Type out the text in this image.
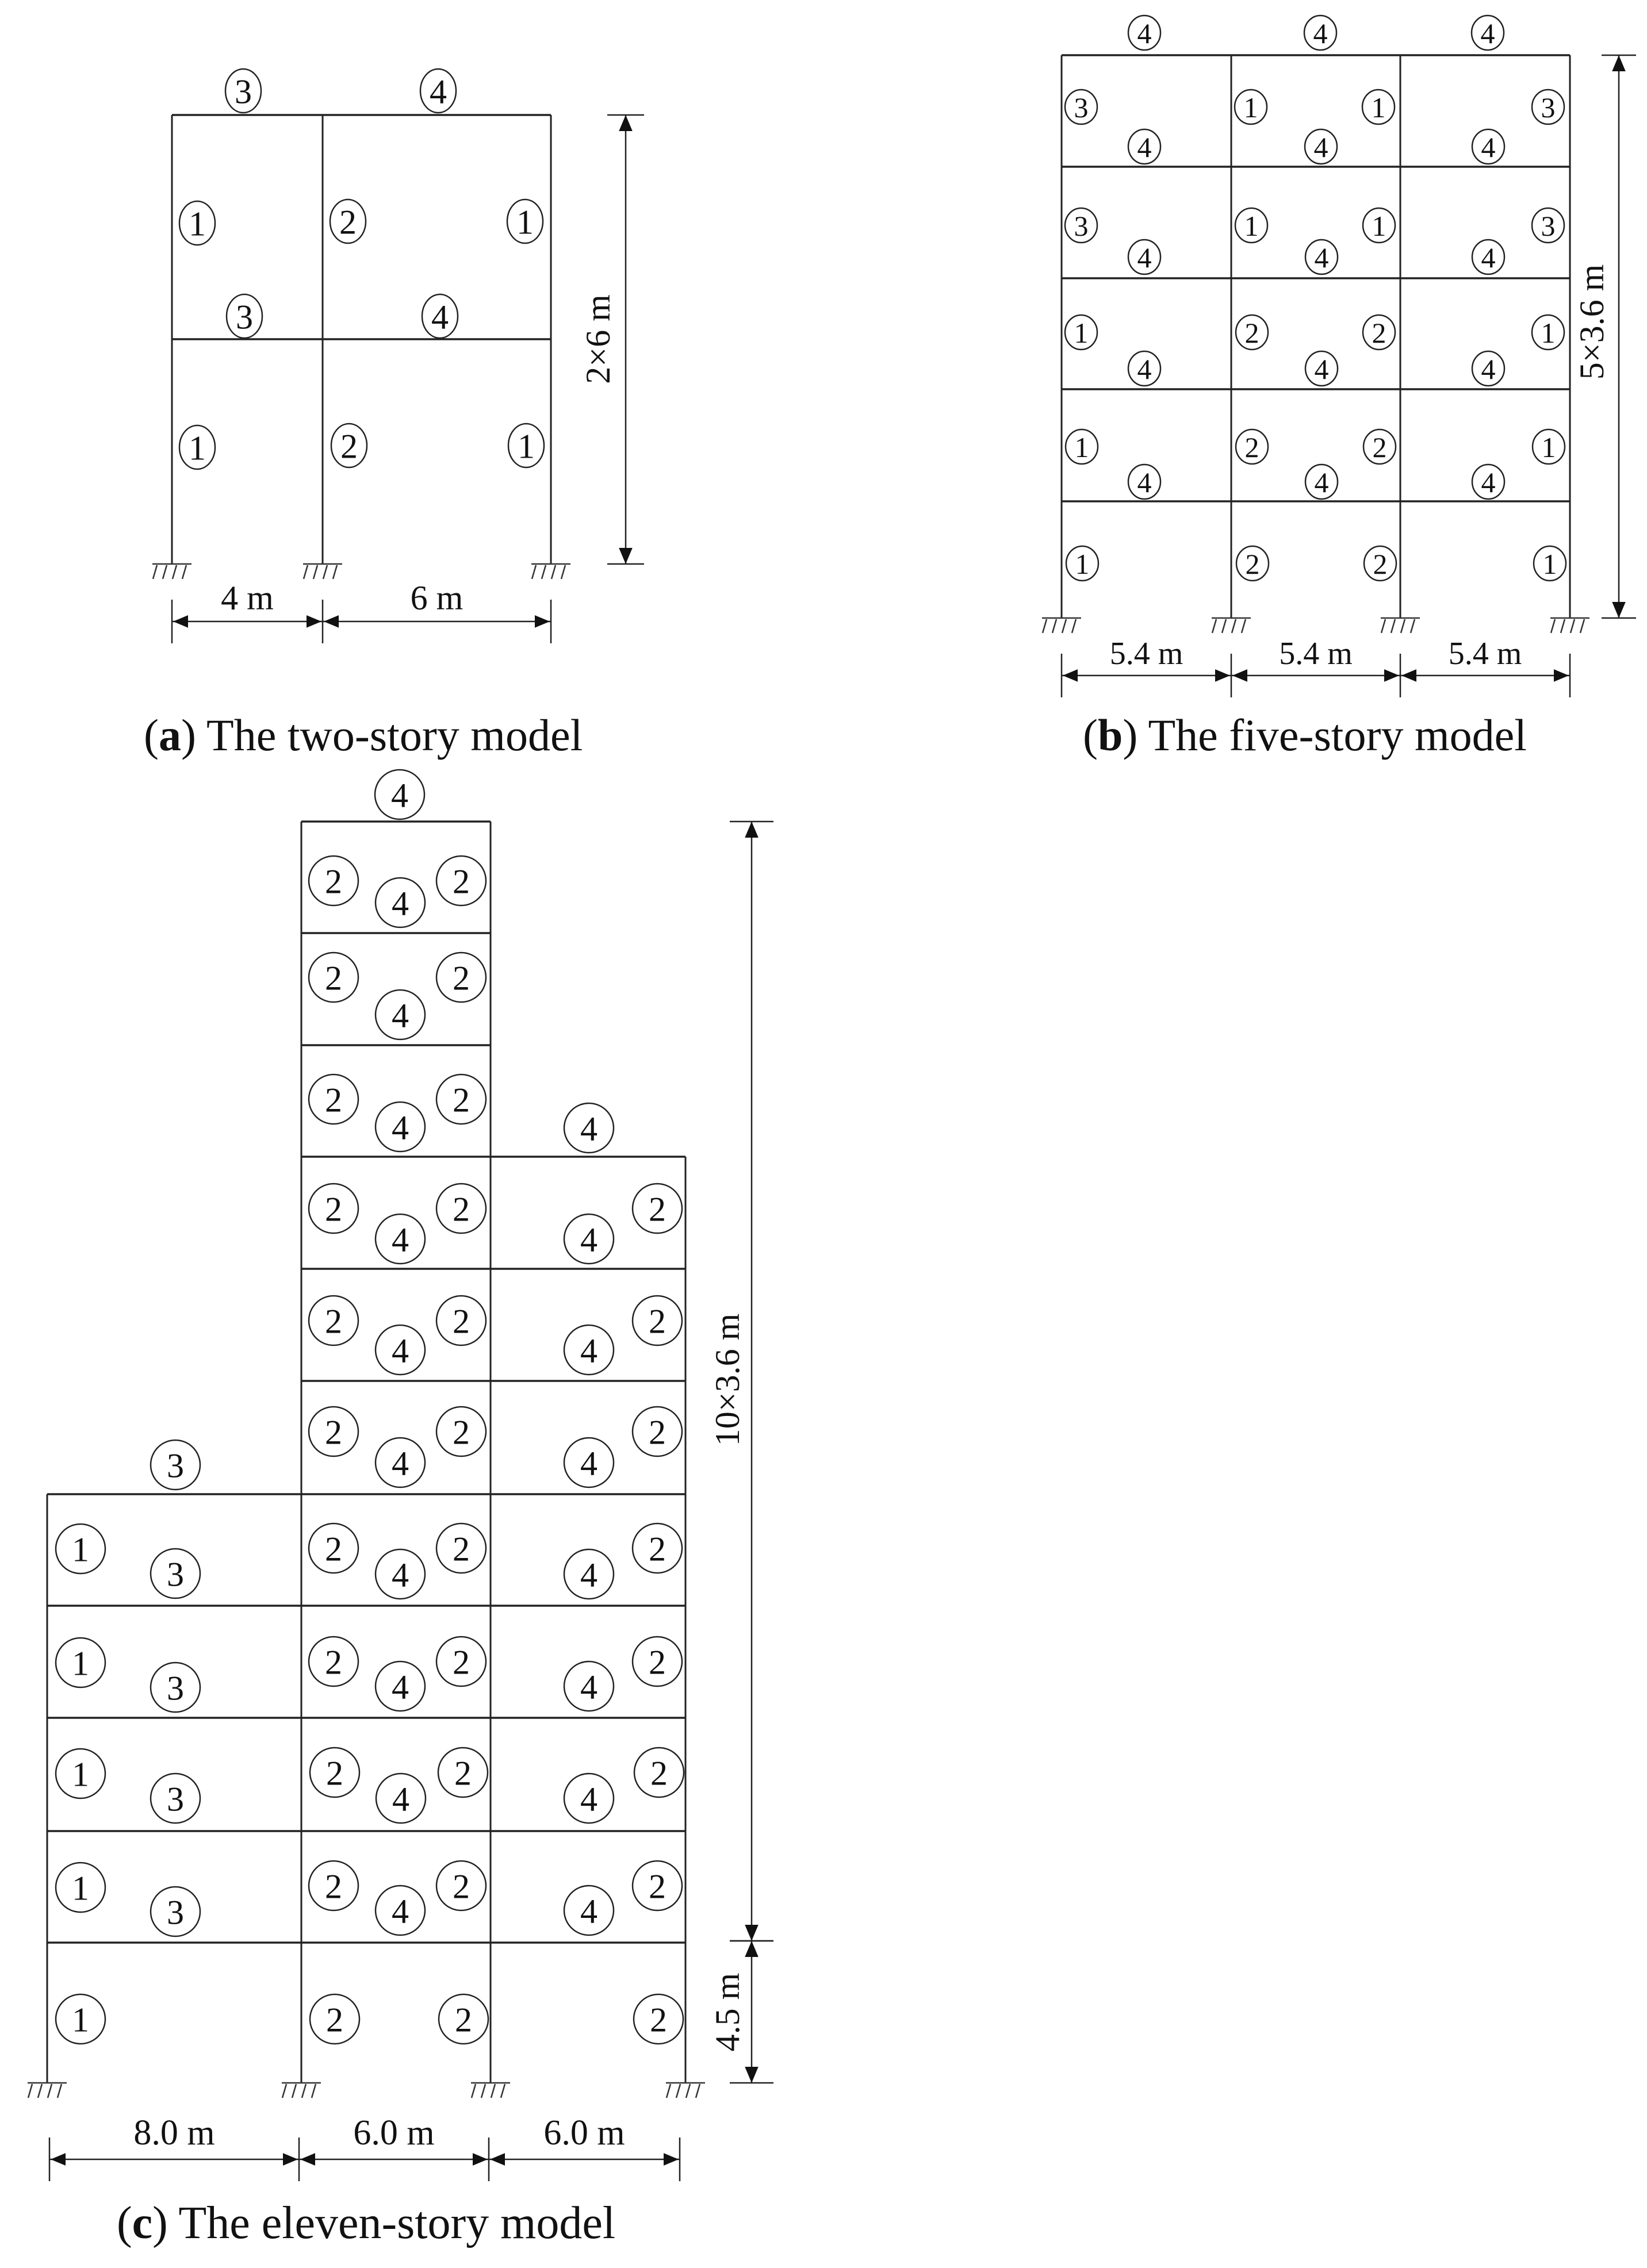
3	4
1	2	1
3	4
1	2	1
2×6 m
4 m	6 m
(a) The two-story model
4	4	4
3	1	1	3
4	4	4
3	1	1	3
4	4	4
1	2	2	1
4	4	4
1	2	2	1
4	4	4
1	2	2	1
5×3.6 m
5.4 m	5.4 m	5.4 m
(b) The five-story model
4
2
4
2
2
4
2
2
4
2
4
2
4
2
4
2
2
4
2
4
2
2
4
2
4
2
3
1
3
2
4
2
4
2
1
3
2
4
2
4
2
1
3
2
4
2
4
2
1
3
2
4
2
4
2
1	2	2	2
10×3.6 m
4.5 m
8.0 m	6.0 m	6.0 m
(c) The eleven-story model
